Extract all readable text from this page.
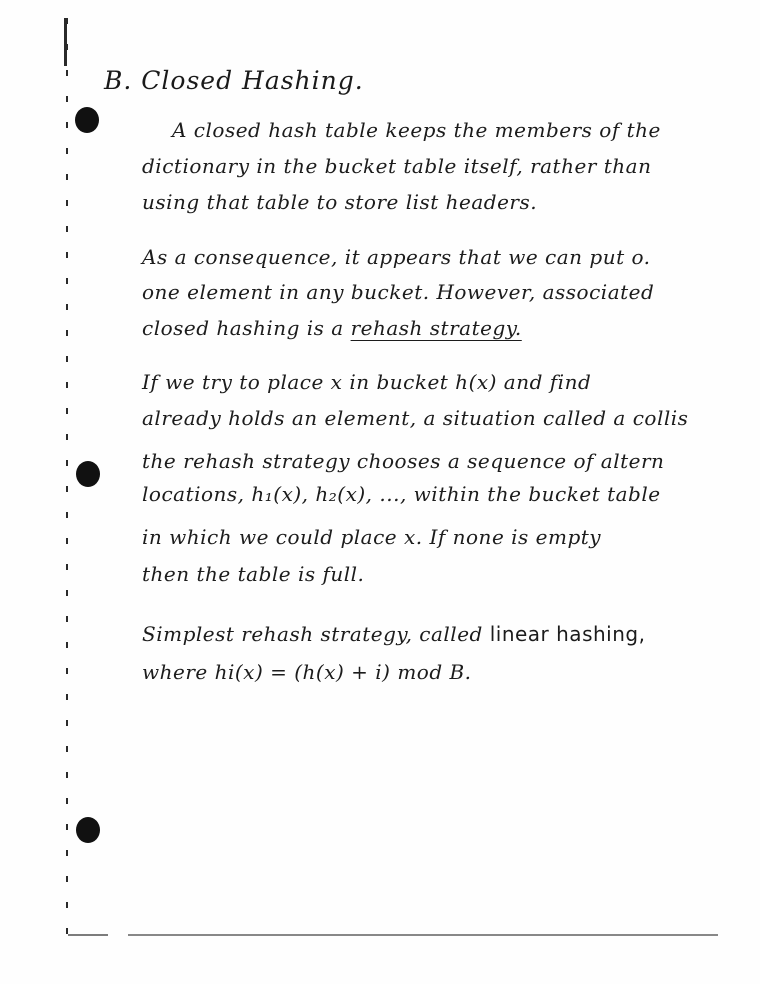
B. Closed Hashing.
A closed hash table keeps the members of the
dictionary in the bucket table itself, rather than
using that table to store list headers.
As a consequence, it appears that we can put o.
one element in any bucket. However, associated
closed hashing is a rehash strategy.
If we try to place x in bucket h(x) and find
already holds an element, a situation called a collis
the rehash strategy chooses a sequence of altern
locations, h₁(x), h₂(x), ..., within the bucket table
in which we could place x. If none is empty
then the table is full.
Simplest rehash strategy, called linear hashing,
where hi(x) = (h(x) + i) mod B.
